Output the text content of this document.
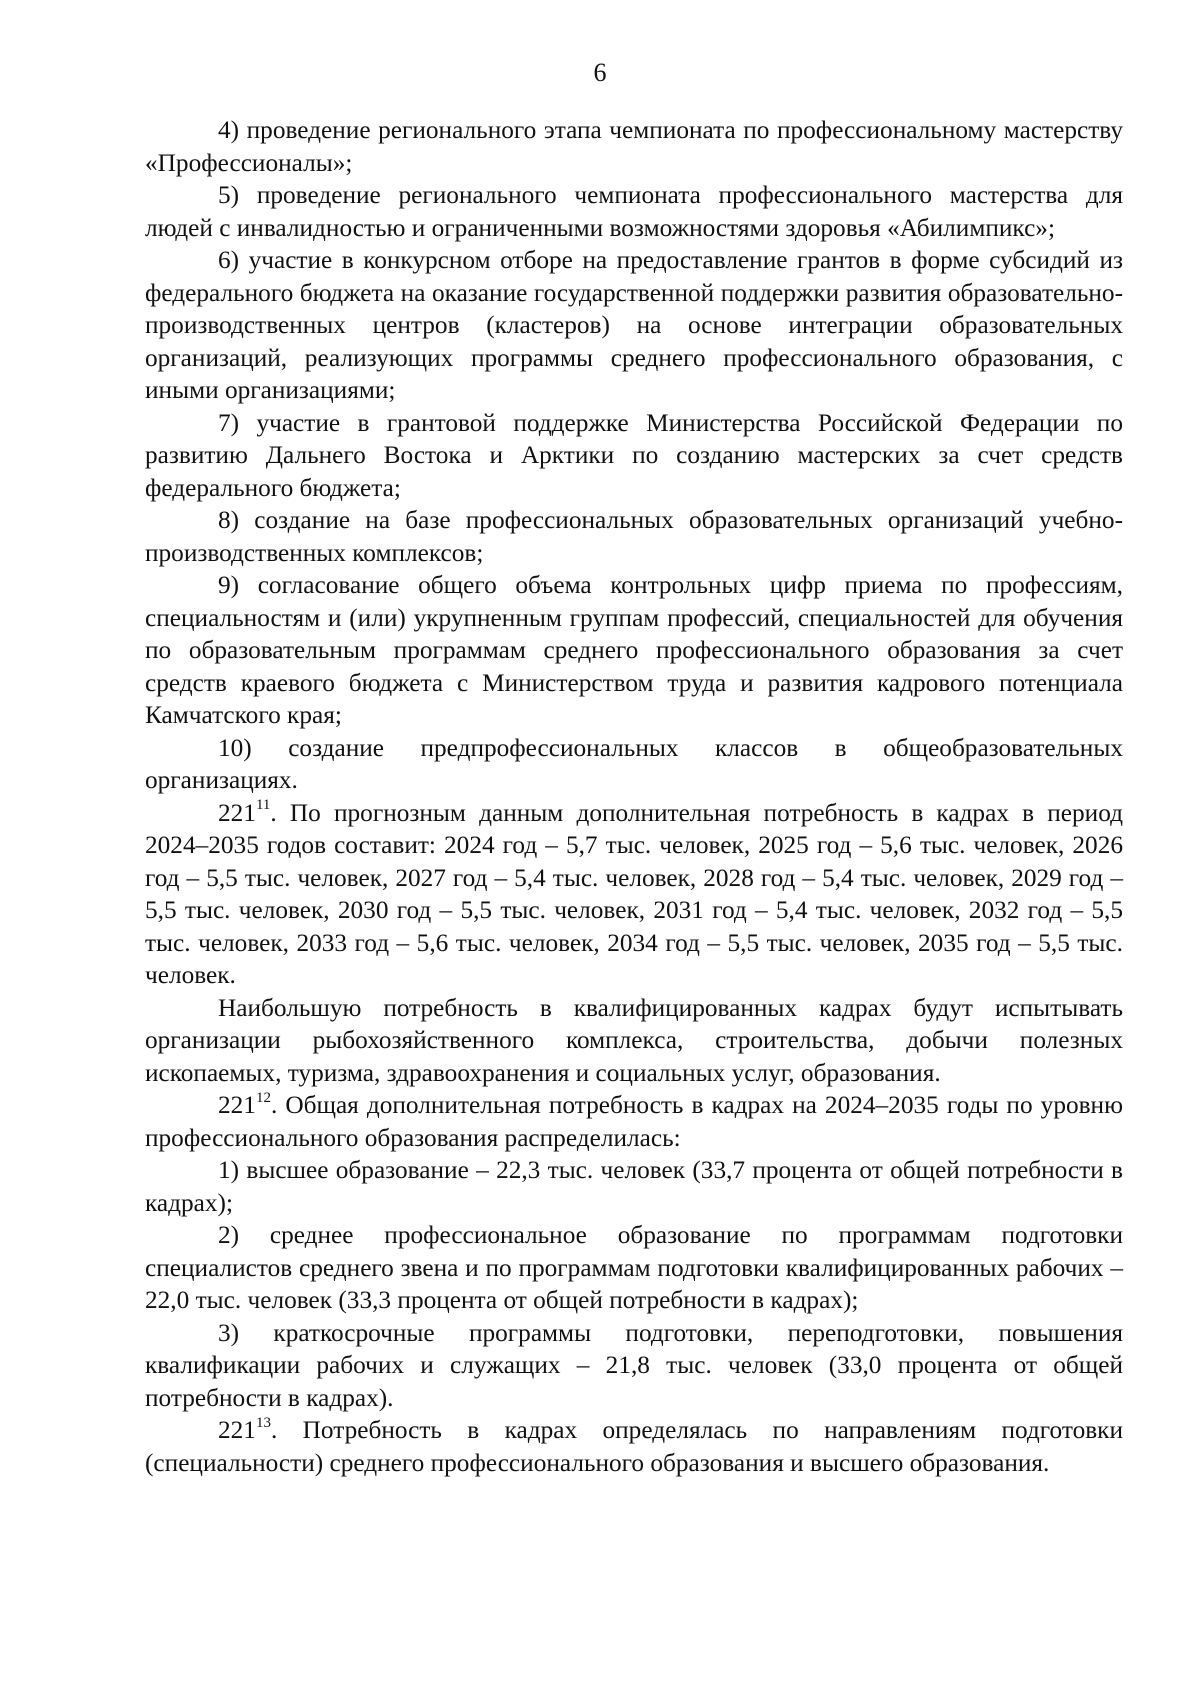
6

4) проведение регионального этапа чемпионата по профессиональному мастерству «Профессионалы»;

5) проведение регионального чемпионата профессионального мастерства для людей с инвалидностью и ограниченными возможностями здоровья «Абилимпикс»;

6) участие в конкурсном отборе на предоставление грантов в форме субсидий из федерального бюджета на оказание государственной поддержки развития образовательно-производственных центров (кластеров) на основе интеграции образовательных организаций, реализующих программы среднего профессионального образования, с иными организациями;

7) участие в грантовой поддержке Министерства Российской Федерации по развитию Дальнего Востока и Арктики по созданию мастерских за счет средств федерального бюджета;

8) создание на базе профессиональных образовательных организаций учебно-производственных комплексов;

9) согласование общего объема контрольных цифр приема по профессиям, специальностям и (или) укрупненным группам профессий, специальностей для обучения по образовательным программам среднего профессионального образования за счет средств краевого бюджета с Министерством труда и развития кадрового потенциала Камчатского края;

10) создание предпрофессиональных классов в общеобразовательных организациях.

$221^{11}$. По прогнозным данным дополнительная потребность в кадрах в период 2024–2035 годов составит: 2024 год – 5,7 тыс. человек, 2025 год – 5,6 тыс. человек, 2026 год – 5,5 тыс. человек, 2027 год – 5,4 тыс. человек, 2028 год – 5,4 тыс. человек, 2029 год – 5,5 тыс. человек, 2030 год – 5,5 тыс. человек, 2031 год – 5,4 тыс. человек, 2032 год – 5,5 тыс. человек, 2033 год – 5,6 тыс. человек, 2034 год – 5,5 тыс. человек, 2035 год – 5,5 тыс. человек.

Наибольшую потребность в квалифицированных кадрах будут испытывать организации рыбохозяйственного комплекса, строительства, добычи полезных ископаемых, туризма, здравоохранения и социальных услуг, образования.

$221^{12}$. Общая дополнительная потребность в кадрах на 2024–2035 годы по уровню профессионального образования распределилась:

1) высшее образование – 22,3 тыс. человек (33,7 процента от общей потребности в кадрах);

2) среднее профессиональное образование по программам подготовки специалистов среднего звена и по программам подготовки квалифицированных рабочих – 22,0 тыс. человек (33,3 процента от общей потребности в кадрах);

3) краткосрочные программы подготовки, переподготовки, повышения квалификации рабочих и служащих – 21,8 тыс. человек (33,0 процента от общей потребности в кадрах).

$221^{13}$. Потребность в кадрах определялась по направлениям подготовки (специальности) среднего профессионального образования и высшего образования.
